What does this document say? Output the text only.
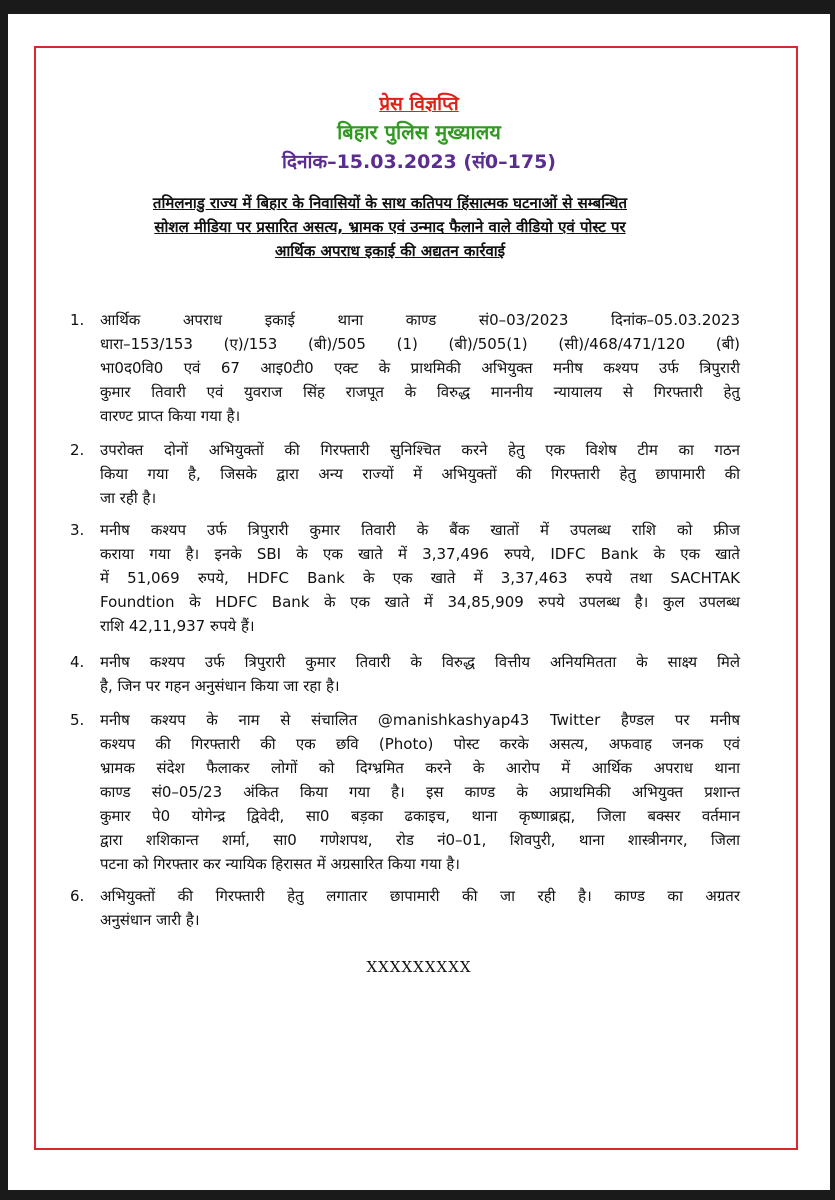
प्रेस विज्ञप्ति
बिहार पुलिस मुख्यालय
दिनांक–15.03.2023 (सं0–175)
तमिलनाडु राज्य में बिहार के निवासियों के साथ कतिपय हिंसात्मक घटनाओं से सम्बन्धित
सोशल मीडिया पर प्रसारित असत्य, भ्रामक एवं उन्माद फैलाने वाले वीडियो एवं पोस्ट पर
आर्थिक अपराध इकाई की अद्यतन कार्रवाई
1. आर्थिक अपराध इकाई थाना काण्ड सं0–03/2023 दिनांक–05.03.2023
धारा–153/153 (ए)/153 (बी)/505 (1) (बी)/505(1) (सी)/468/471/120 (बी)
भा0द0वि0 एवं 67 आइ0टी0 एक्ट के प्राथमिकी अभियुक्त मनीष कश्यप उर्फ त्रिपुरारी
कुमार तिवारी एवं युवराज सिंह राजपूत के विरुद्ध माननीय न्यायालय से गिरफ्तारी हेतु
वारण्ट प्राप्त किया गया है।
2. उपरोक्त दोनों अभियुक्तों की गिरफ्तारी सुनिश्चित करने हेतु एक विशेष टीम का गठन
किया गया है, जिसके द्वारा अन्य राज्यों में अभियुक्तों की गिरफ्तारी हेतु छापामारी की
जा रही है।
3. मनीष कश्यप उर्फ त्रिपुरारी कुमार तिवारी के बैंक खातों में उपलब्ध राशि को फ्रीज
कराया गया है। इनके SBI के एक खाते में 3,37,496 रुपये, IDFC Bank के एक खाते
में 51,069 रुपये, HDFC Bank के एक खाते में 3,37,463 रुपये तथा SACHTAK
Foundtion के HDFC Bank के एक खाते में 34,85,909 रुपये उपलब्ध है। कुल उपलब्ध
राशि 42,11,937 रुपये हैं।
4. मनीष कश्यप उर्फ त्रिपुरारी कुमार तिवारी के विरुद्ध वित्तीय अनियमितता के साक्ष्य मिले
है, जिन पर गहन अनुसंधान किया जा रहा है।
5. मनीष कश्यप के नाम से संचालित @manishkashyap43 Twitter हैण्डल पर मनीष
कश्यप की गिरफ्तारी की एक छवि (Photo) पोस्ट करके असत्य, अफवाह जनक एवं
भ्रामक संदेश फैलाकर लोगों को दिग्भ्रमित करने के आरोप में आर्थिक अपराध थाना
काण्ड सं0–05/23 अंकित किया गया है। इस काण्ड के अप्राथमिकी अभियुक्त प्रशान्त
कुमार पे0 योगेन्द्र द्विवेदी, सा0 बड़का ढकाइच, थाना कृष्णाब्रह्म, जिला बक्सर वर्तमान
द्वारा शशिकान्त शर्मा, सा0 गणेशपथ, रोड नं0–01, शिवपुरी, थाना शास्त्रीनगर, जिला
पटना को गिरफ्तार कर न्यायिक हिरासत में अग्रसारित किया गया है।
6. अभियुक्तों की गिरफ्तारी हेतु लगातार छापामारी की जा रही है। काण्ड का अग्रतर
अनुसंधान जारी है।
XXXXXXXXX
